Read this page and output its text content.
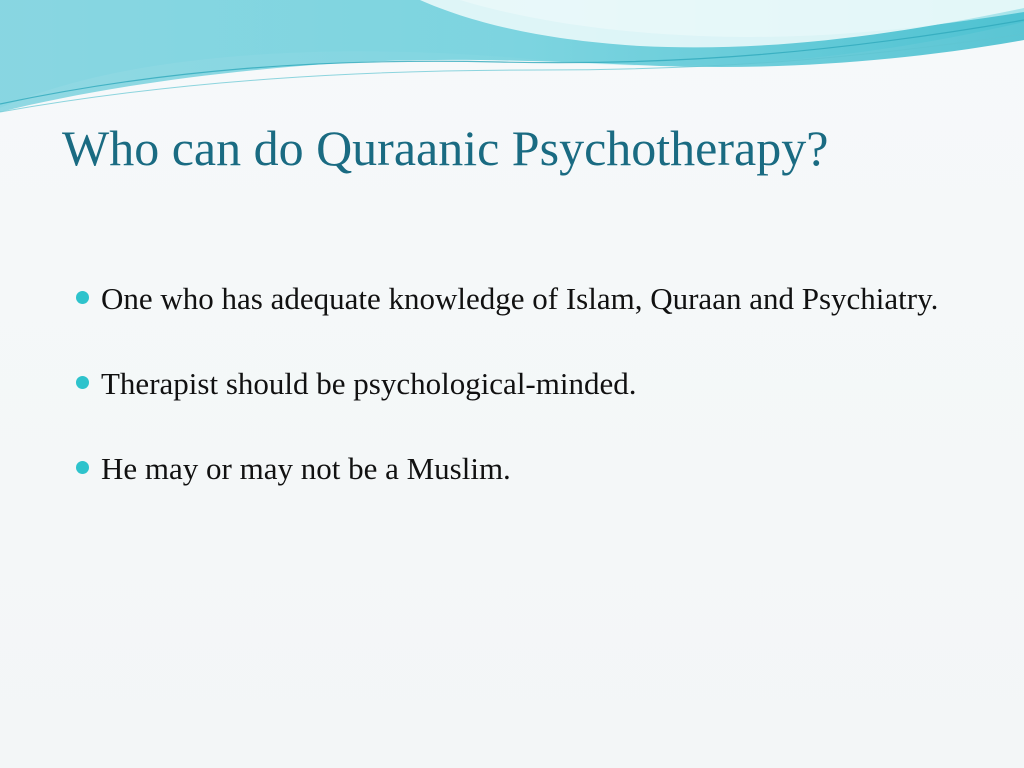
Who can do Quraanic Psychotherapy?
One who has adequate knowledge of Islam, Quraan and Psychiatry.
Therapist should be psychological-minded.
He may or may not be a Muslim.
